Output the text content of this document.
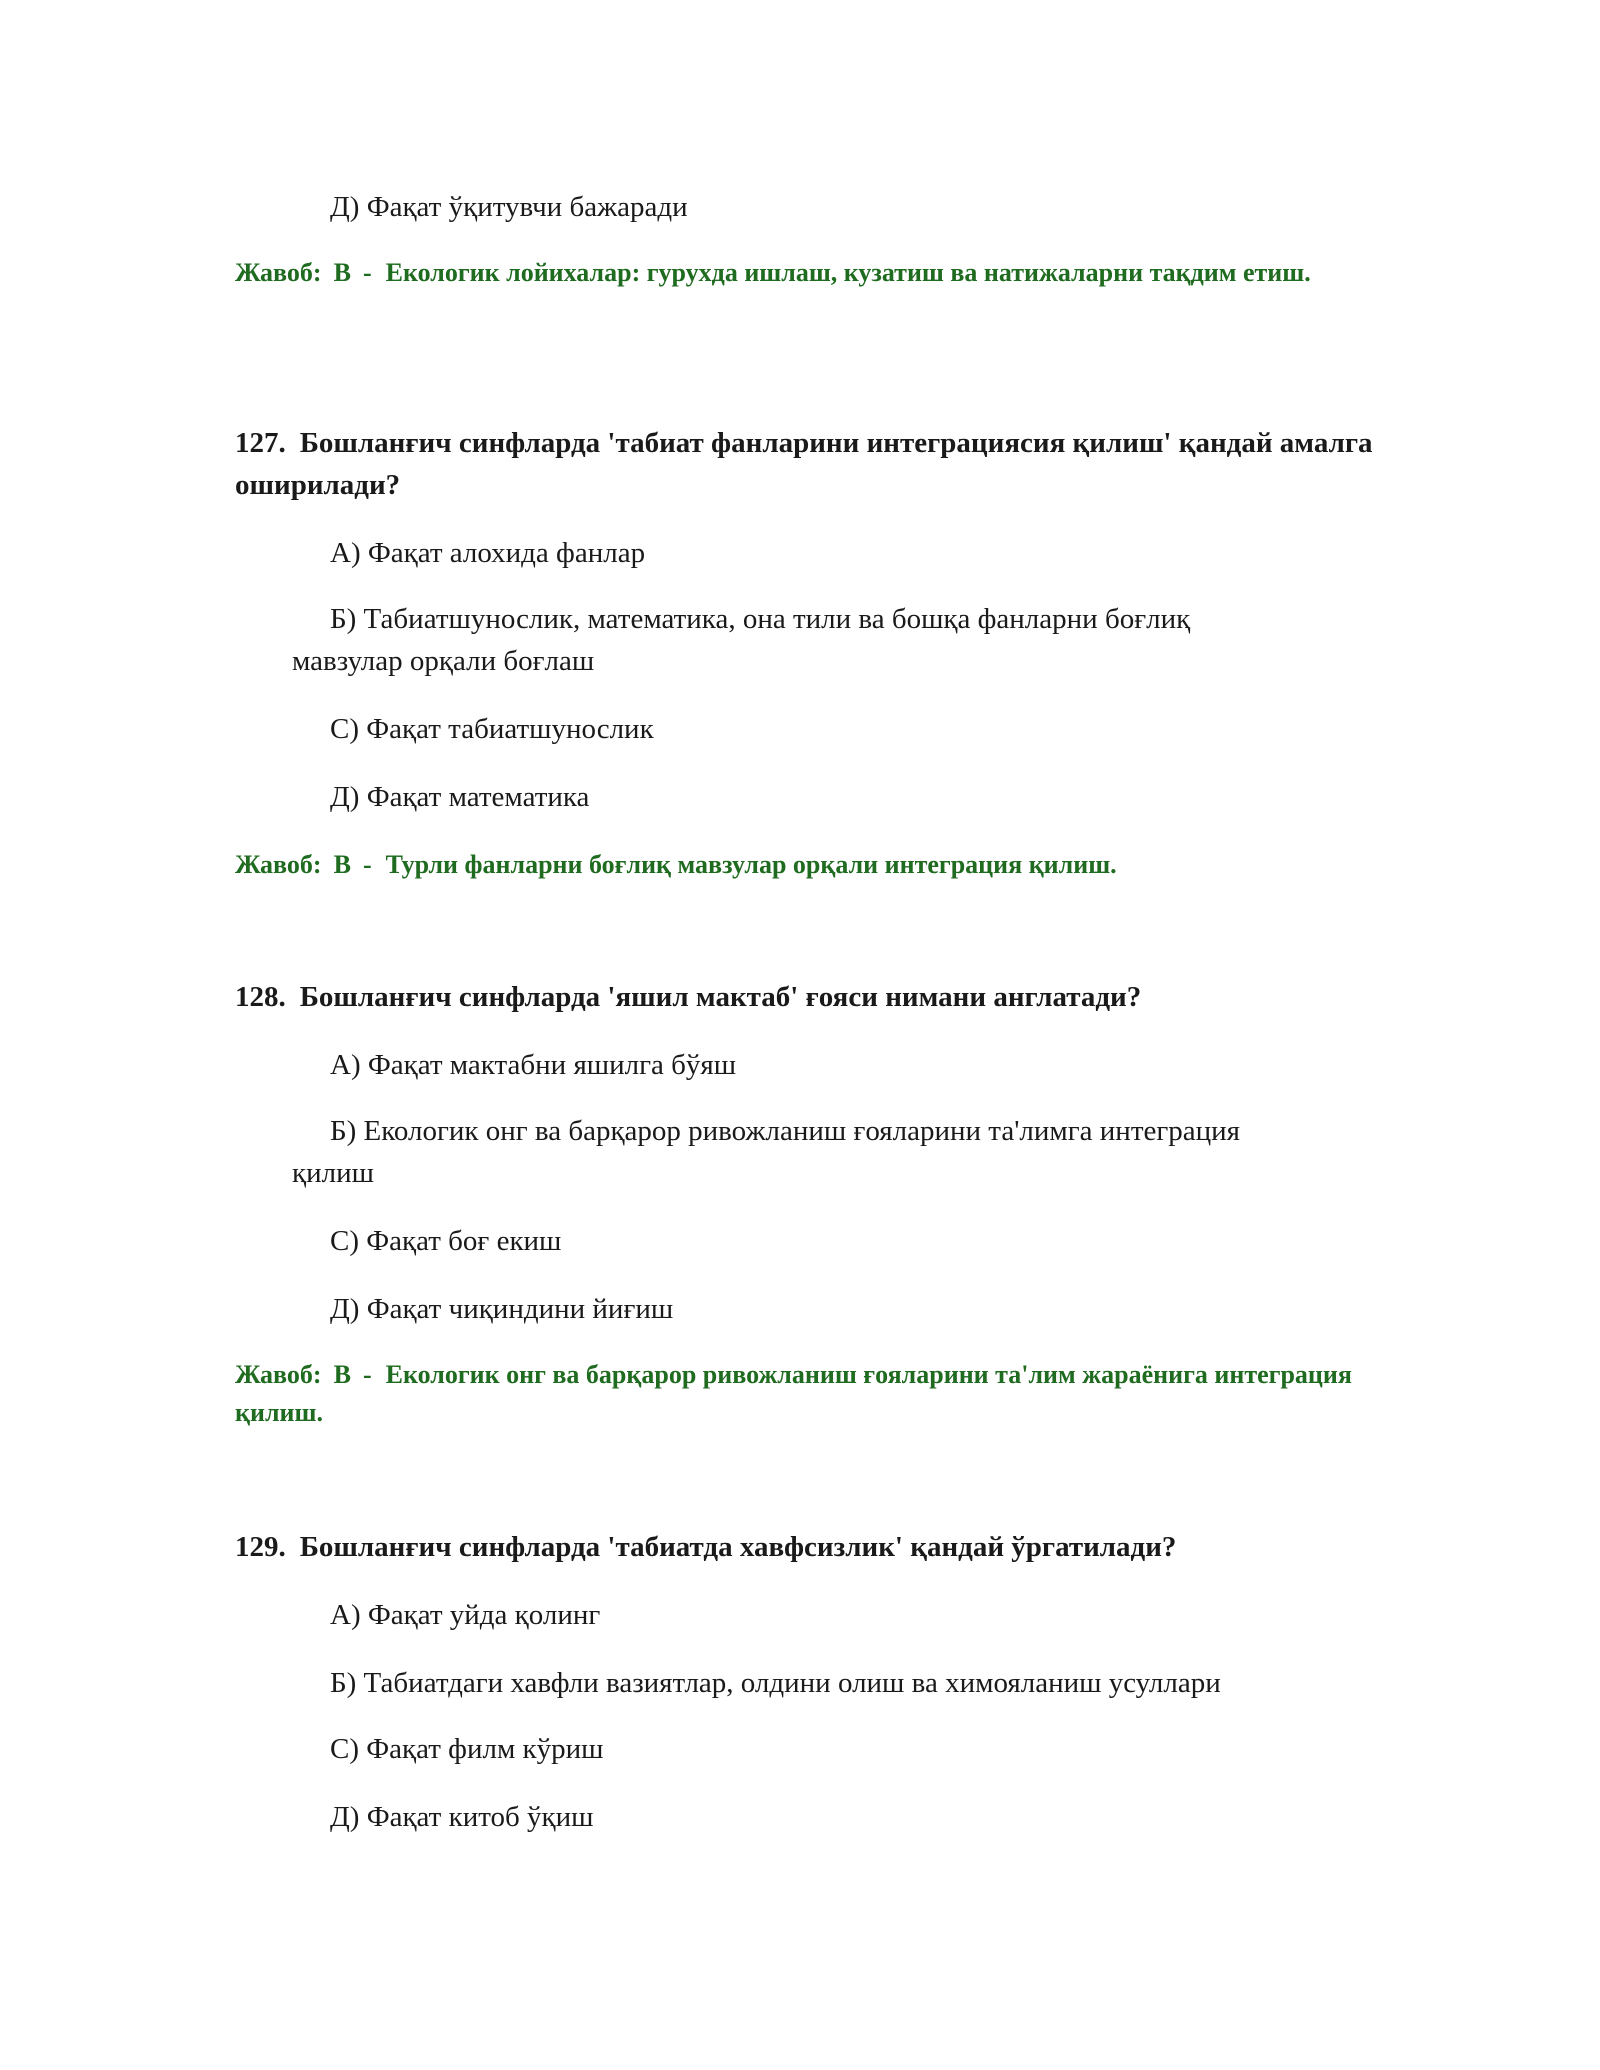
Д) Фақат ўқитувчи бажаради
Жавоб: В - Екологик лойихалар: гурухда ишлаш, кузатиш ва натижаларни тақдим етиш.
127. Бошланғич синфларда 'табиат фанларини интеграциясия қилиш' қандай амалга оширилади?
А) Фақат алохида фанлар
Б) Табиатшунослик, математика, она тили ва бошқа фанларни боғлиқ
мавзулар орқали боғлаш
С) Фақат табиатшунослик
Д) Фақат математика
Жавоб: В - Турли фанларни боғлиқ мавзулар орқали интеграция қилиш.
128. Бошланғич синфларда 'яшил мактаб' ғояси нимани англатади?
А) Фақат мактабни яшилга бўяш
Б) Екологик онг ва барқарор ривожланиш ғояларини та'лимга интеграция
қилиш
С) Фақат боғ екиш
Д) Фақат чиқиндини йиғиш
Жавоб: В - Екологик онг ва барқарор ривожланиш ғояларини та'лим жараёнига интеграция қилиш.
129. Бошланғич синфларда 'табиатда хавфсизлик' қандай ўргатилади?
А) Фақат уйда қолинг
Б) Табиатдаги хавфли вазиятлар, олдини олиш ва химояланиш усуллари
С) Фақат филм кўриш
Д) Фақат китоб ўқиш
